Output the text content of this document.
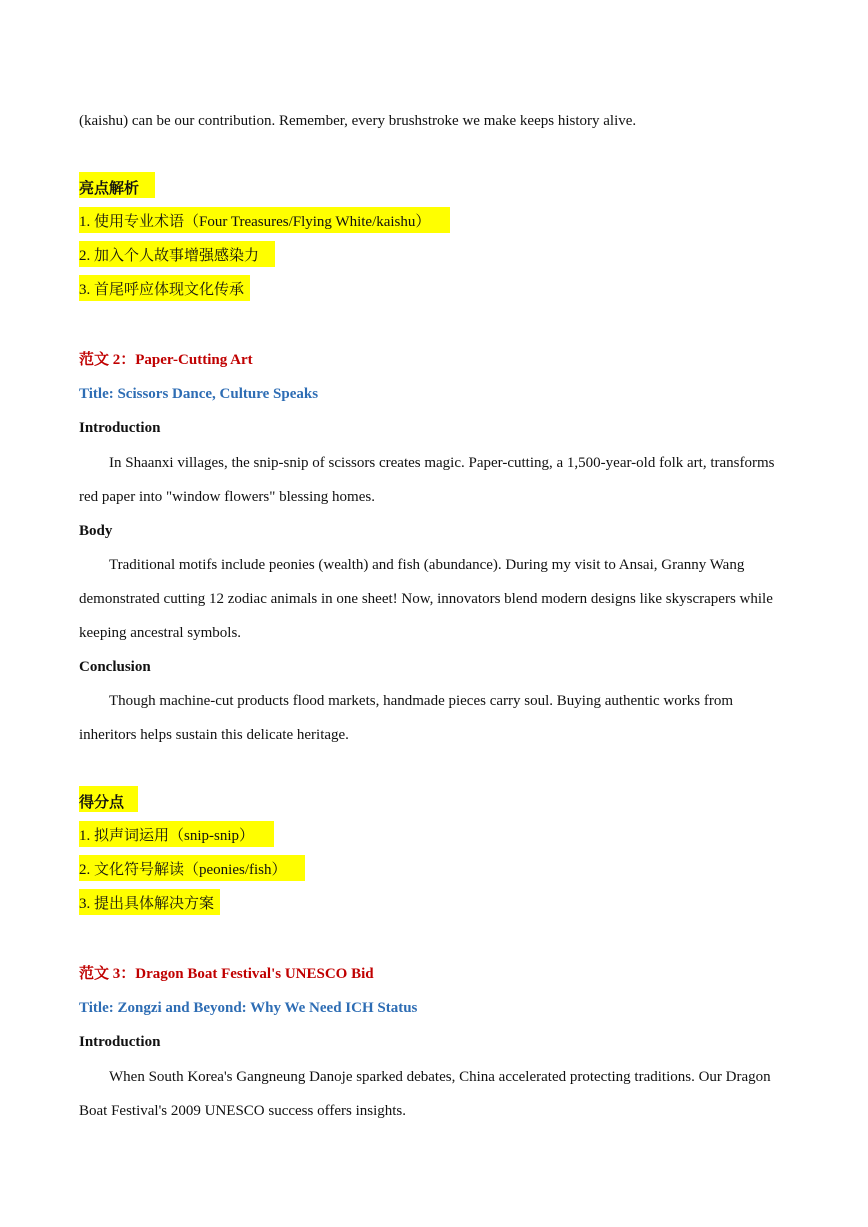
(kaishu) can be our contribution. Remember, every brushstroke we make keeps history alive.
亮点解析
1. 使用专业术语（Four Treasures/Flying White/kaishu）
2. 加入个人故事增强感染力
3. 首尾呼应体现文化传承
范文 2：Paper-Cutting Art
Title: Scissors Dance, Culture Speaks
Introduction
In Shaanxi villages, the snip-snip of scissors creates magic. Paper-cutting, a 1,500-year-old folk art, transforms red paper into "window flowers" blessing homes.
Body
Traditional motifs include peonies (wealth) and fish (abundance). During my visit to Ansai, Granny Wang demonstrated cutting 12 zodiac animals in one sheet! Now, innovators blend modern designs like skyscrapers while keeping ancestral symbols.
Conclusion
Though machine-cut products flood markets, handmade pieces carry soul. Buying authentic works from inheritors helps sustain this delicate heritage.
得分点
1. 拟声词运用（snip-snip）
2. 文化符号解读（peonies/fish）
3. 提出具体解决方案
范文 3：Dragon Boat Festival's UNESCO Bid
Title: Zongzi and Beyond: Why We Need ICH Status
Introduction
When South Korea's Gangneung Danoje sparked debates, China accelerated protecting traditions. Our Dragon Boat Festival's 2009 UNESCO success offers insights.
